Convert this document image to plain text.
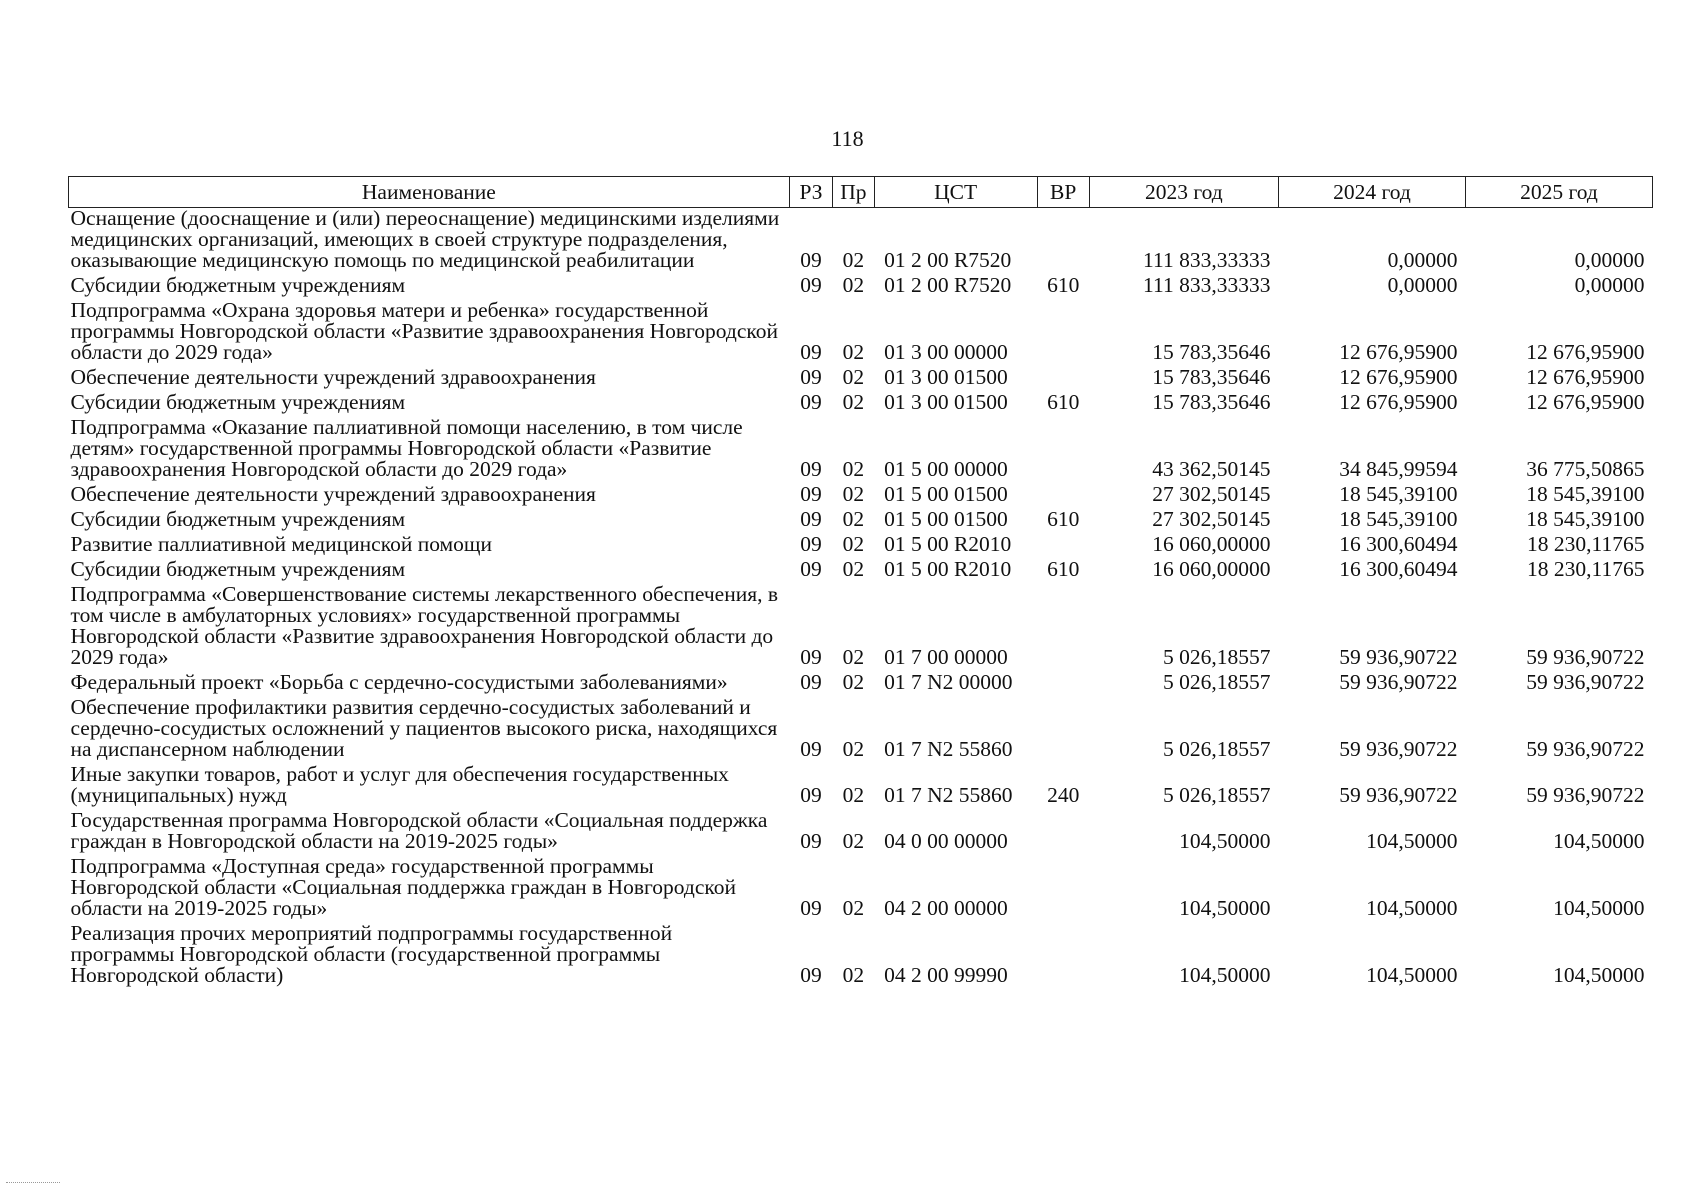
118
Наименование	РЗ	Пр	ЦСТ	ВР	2023 год	2024 год	2025 год
Оснащение (дооснащение и (или) переоснащение) медицинскими изделиями медицинских организаций, имеющих в своей структуре подразделения, оказывающие медицинскую помощь по медицинской реабилитации	09	02	01 2 00 R7520		111 833,33333	0,00000	0,00000
Субсидии бюджетным учреждениям	09	02	01 2 00 R7520	610	111 833,33333	0,00000	0,00000
Подпрограмма «Охрана здоровья матери и ребенка» государственной программы Новгородской области «Развитие здравоохранения Новгородской области до 2029 года»	09	02	01 3 00 00000		15 783,35646	12 676,95900	12 676,95900
Обеспечение деятельности учреждений здравоохранения	09	02	01 3 00 01500		15 783,35646	12 676,95900	12 676,95900
Субсидии бюджетным учреждениям	09	02	01 3 00 01500	610	15 783,35646	12 676,95900	12 676,95900
Подпрограмма «Оказание паллиативной помощи населению, в том числе детям» государственной программы Новгородской области «Развитие здравоохранения Новгородской области до 2029 года»	09	02	01 5 00 00000		43 362,50145	34 845,99594	36 775,50865
Обеспечение деятельности учреждений здравоохранения	09	02	01 5 00 01500		27 302,50145	18 545,39100	18 545,39100
Субсидии бюджетным учреждениям	09	02	01 5 00 01500	610	27 302,50145	18 545,39100	18 545,39100
Развитие паллиативной медицинской помощи	09	02	01 5 00 R2010		16 060,00000	16 300,60494	18 230,11765
Субсидии бюджетным учреждениям	09	02	01 5 00 R2010	610	16 060,00000	16 300,60494	18 230,11765
Подпрограмма «Совершенствование системы лекарственного обеспечения, в том числе в амбулаторных условиях» государственной программы Новгородской области «Развитие здравоохранения Новгородской области до 2029 года»	09	02	01 7 00 00000		5 026,18557	59 936,90722	59 936,90722
Федеральный проект «Борьба с сердечно-сосудистыми заболеваниями»	09	02	01 7 N2 00000		5 026,18557	59 936,90722	59 936,90722
Обеспечение профилактики развития сердечно-сосудистых заболеваний и сердечно-сосудистых осложнений у пациентов высокого риска, находящихся на диспансерном наблюдении	09	02	01 7 N2 55860		5 026,18557	59 936,90722	59 936,90722
Иные закупки товаров, работ и услуг для обеспечения государственных (муниципальных) нужд	09	02	01 7 N2 55860	240	5 026,18557	59 936,90722	59 936,90722
Государственная программа Новгородской области «Социальная поддержка граждан в Новгородской области на 2019-2025 годы»	09	02	04 0 00 00000		104,50000	104,50000	104,50000
Подпрограмма «Доступная среда» государственной программы Новгородской области «Социальная поддержка граждан в Новгородской области на 2019-2025 годы»	09	02	04 2 00 00000		104,50000	104,50000	104,50000
Реализация прочих мероприятий подпрограммы государственной программы Новгородской области (государственной программы Новгородской области)	09	02	04 2 00 99990		104,50000	104,50000	104,50000
